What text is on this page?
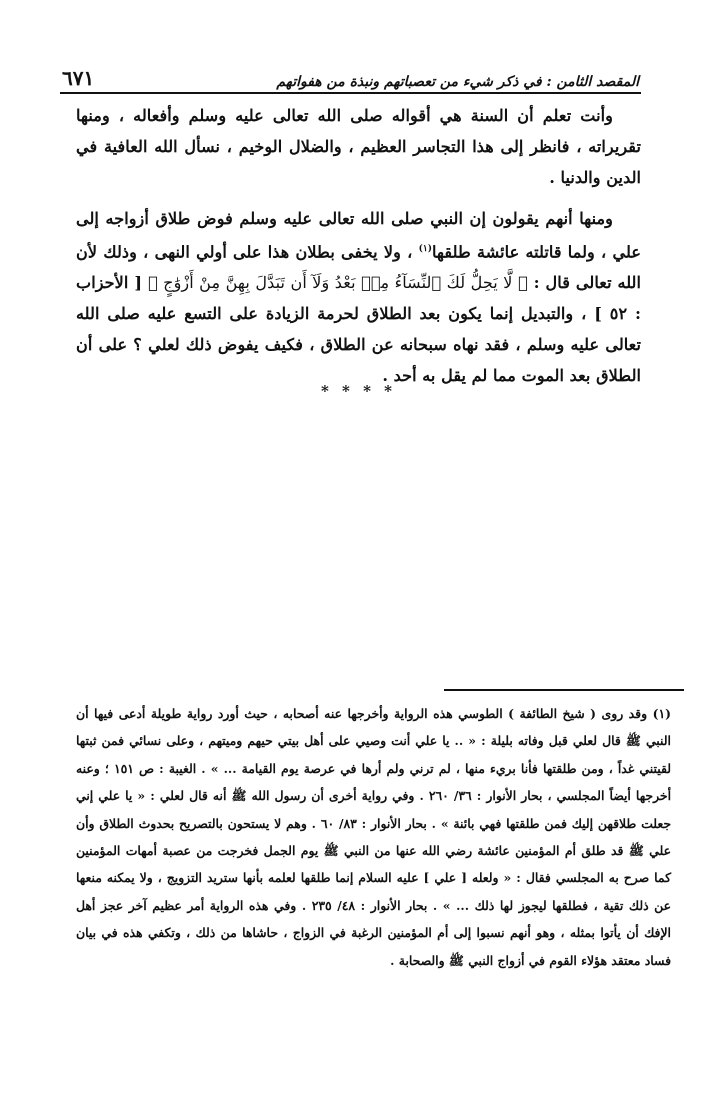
٦٧١	المقصد الثامن : في ذكر شيء من تعصباتهم ونبذة من هفواتهم

وأنت تعلم أن السنة هي أقواله صلى الله تعالى عليه وسلم وأفعاله ، ومنها تقريراته ، فانظر إلى هذا التجاسر العظيم ، والضلال الوخيم ، نسأل الله العافية في الدين والدنيا .

ومنها أنهم يقولون إن النبي صلى الله تعالى عليه وسلم فوض طلاق أزواجه إلى علي ، ولما قاتلته عائشة طلقها$^{(١)}$ ، ولا يخفى بطلان هذا على أولي النهى ، وذلك لأن الله تعالى قال : ﴿ لَّا يَحِلُّ لَكَ ٱلنِّسَآءُ مِنۢ بَعْدُ وَلَآ أَن تَبَدَّلَ بِهِنَّ مِنْ أَزْوَٰجٍ ﴾ [ الأحزاب : ٥٢ ] ، والتبديل إنما يكون بعد الطلاق لحرمة الزيادة على التسع عليه صلى الله تعالى عليه وسلم ، فقد نهاه سبحانه عن الطلاق ، فكيف يفوض ذلك لعلي ؟ على أن الطلاق بعد الموت مما لم يقل به أحد .

* * * *

(١) وقد روى ( شيخ الطائفة ) الطوسي هذه الرواية وأخرجها عنه أصحابه ، حيث أورد رواية طويلة أدعى فيها أن النبي ﷺ قال لعلي قبل وفاته بليلة : « .. يا علي أنت وصيي على أهل بيتي حيهم وميتهم ، وعلى نسائي فمن ثبتها لقيتني غداً ، ومن طلقتها فأنا بريء منها ، لم ترني ولم أرها في عرصة يوم القيامة ... » . الغيبة : ص ١٥١ ؛ وعنه أخرجها أيضاً المجلسي ، بحار الأنوار : ٣٦/ ٢٦٠ . وفي رواية أخرى أن رسول الله ﷺ أنه قال لعلي : « يا علي إني جعلت طلاقهن إليك فمن طلقتها فهي بائنة » . بحار الأنوار : ٨٣/ ٦٠ . وهم لا يستحون بالتصريح بحدوث الطلاق وأن علي ﷺ قد طلق أم المؤمنين عائشة رضي الله عنها من النبي ﷺ يوم الجمل فخرجت من عصبة أمهات المؤمنين كما صرح به المجلسي فقال : « ولعله [ علي ] عليه السلام إنما طلقها لعلمه بأنها ستريد التزويج ، ولا يمكنه منعها عن ذلك تقية ، فطلقها ليجوز لها ذلك ... » . بحار الأنوار : ٤٨/ ٢٣٥ . وفي هذه الرواية أمر عظيم آخر عجز أهل الإفك أن يأتوا بمثله ، وهو أنهم نسبوا إلى أم المؤمنين الرغبة في الزواج ، حاشاها من ذلك ، وتكفي هذه في بيان فساد معتقد هؤلاء القوم في أزواج النبي ﷺ والصحابة .
